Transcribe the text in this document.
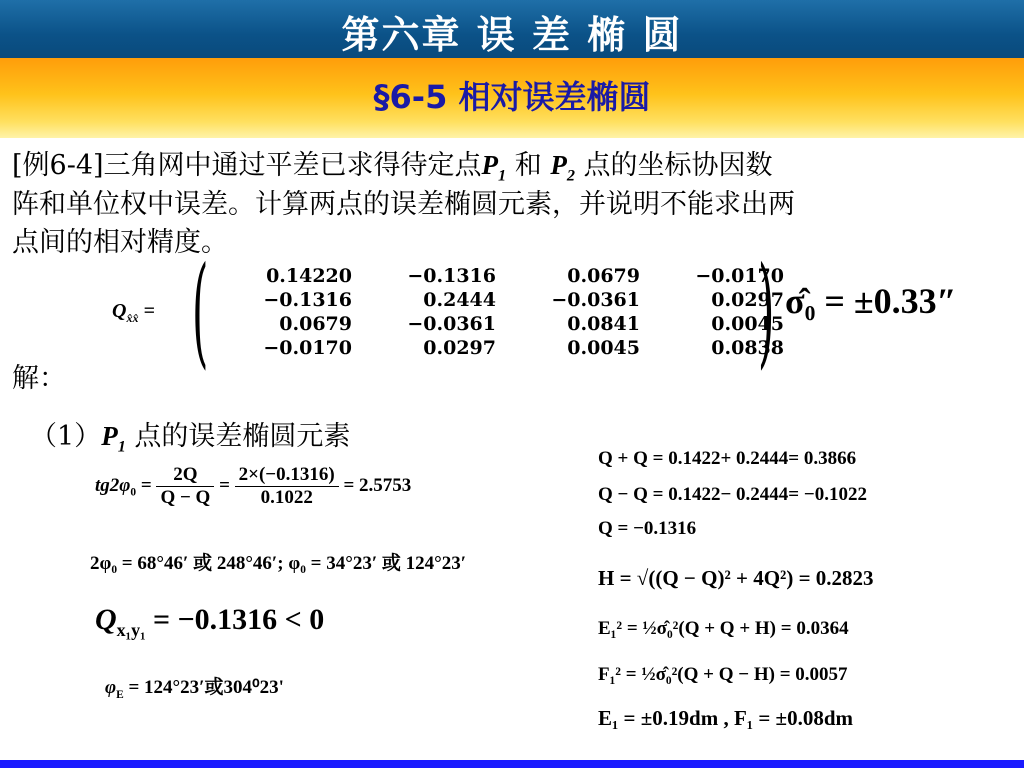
第六章 误 差 椭 圆
§6-5 相对误差椭圆
[例6-4]三角网中通过平差已求得待定点$P_1$ 和 $P_2$ 点的坐标协因数
阵和单位权中误差。计算两点的误差椭圆元素，并说明不能求出两
点间的相对精度。
$Q_{x̂x̂}$ = (	0.14220	−0.1316	0.0679	−0.0170
−0.1316	0.2444	−0.0361	0.0297
0.0679	−0.0361	0.0841	0.0045
−0.0170	0.0297	0.0045	0.0838
) σ̂₀ = ±0.33″
解：
$(1)P_1$ 点的误差椭圆元素
$tg2\varphi_0 = \frac{2Q}{Q - Q} = \frac{2\times(-0.1316)}{0.1022} = 2.5753$
2φ₀ = 68°46′ 或 248°46′; φ₀ = 34°23′ 或 124°23′
$Q_{x_1y_1} = -0.1316 < 0$
$\varphi_E = 124^\circ 23'$或304⁰23'
Q + Q = 0.1422+ 0.2444= 0.3866
Q − Q = 0.1422− 0.2444= −0.1022
Q = −0.1316
H = √((Q − Q)² + 4Q²) = 0.2823
E₁² = ½σ̂₀²(Q + Q + H) = 0.0364
F₁² = ½σ̂₀²(Q + Q − H) = 0.0057
E₁ = ±0.19dm , F₁ = ±0.08dm
